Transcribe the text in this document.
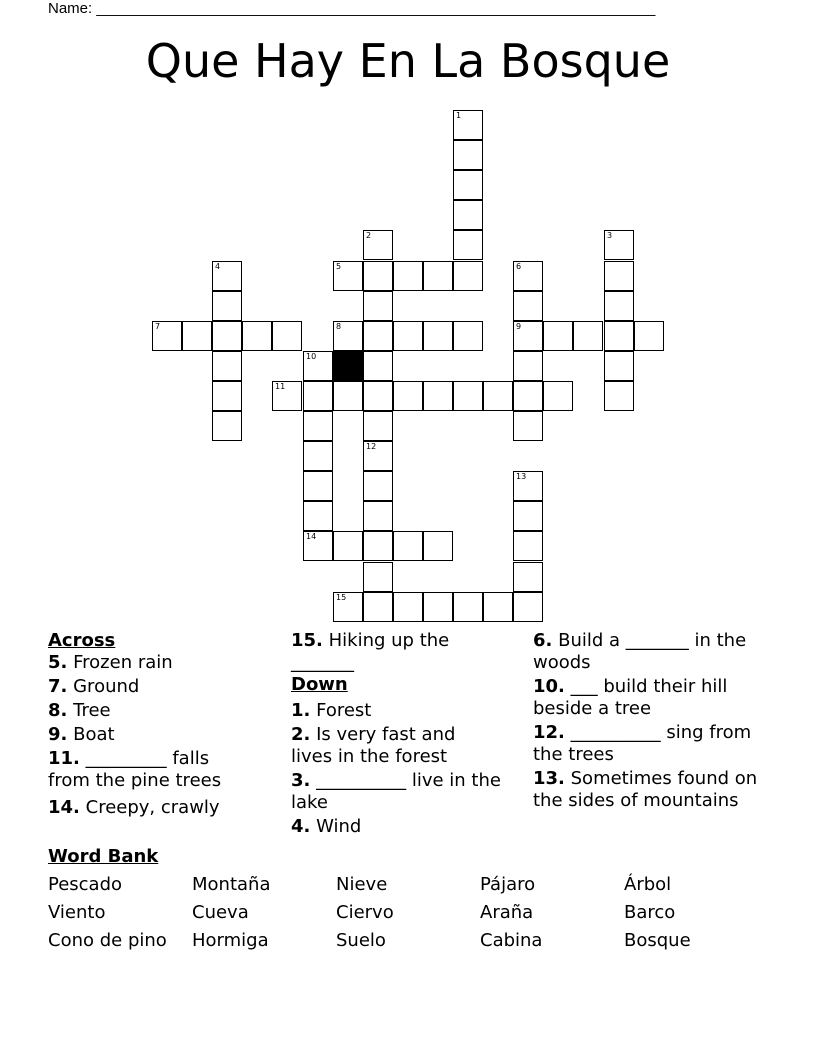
Name: ___________________________________________________________________
Que Hay En La Bosque
1
2
12
3
4	5	6
9
7	8
10
14
11
13
15

Across

5. Frozen rain

7. Ground

8. Tree

9. Boat

11. _________ falls from the pine trees

14. Creepy, crawly

15. Hiking up the _______

Down

1. Forest

2. Is very fast and lives in the forest

3. __________ live in the lake

4. Wind

6. Build a _______ in the woods

10. ___ build their hill beside a tree

12. __________ sing from the trees

13. Sometimes found on the sides of mountains

Word Bank
Pescado	Montaña	Nieve	Pájaro	Árbol
Viento	Cueva	Ciervo	Araña	Barco
Cono de pino Hormiga	Suelo	Cabina	Bosque
